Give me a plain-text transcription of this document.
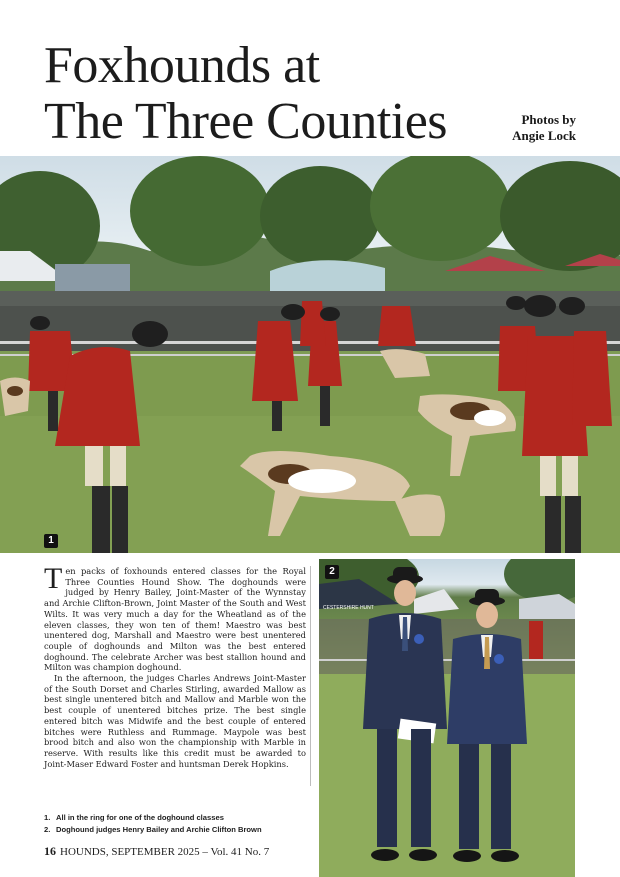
Foxhounds at
The Three Counties	Photos by
Angie Lock
1

Ten packs of foxhounds entered classes for the Royal Three Counties Hound Show. The doghounds were judged by Henry Bailey, Joint-Master of the Wynnstay and Archie Clifton-Brown, Joint Master of the South and West Wilts. It was very much a day for the Wheatland as of the eleven classes, they won ten of them! Maestro was best unentered dog, Marshall and Maestro were best unentered couple of doghounds and Milton was the best entered doghound. The celebrate Archer was best stallion hound and Milton was champion doghound.

In the afternoon, the judges Charles Andrews Joint-Master of the South Dorset and Charles Stirling, awarded Mallow as best single unentered bitch and Mallow and Marble won the best couple of unentered bitches prize. The best single entered bitch was Midwife and the best couple of entered bitches were Ruthless and Rummage. Maypole was best brood bitch and also won the championship with Marble in reserve. With results like this credit must be awarded to Joint-Maser Edward Foster and huntsman Derek Hopkins.

1. All in the ring for one of the doghound classes
2. Doghound judges Henry Bailey and Archie Clifton Brown
16 HOUNDS, SEPTEMBER 2025 – Vol. 41 No. 7
CESTERSHIRE HUNT
2
